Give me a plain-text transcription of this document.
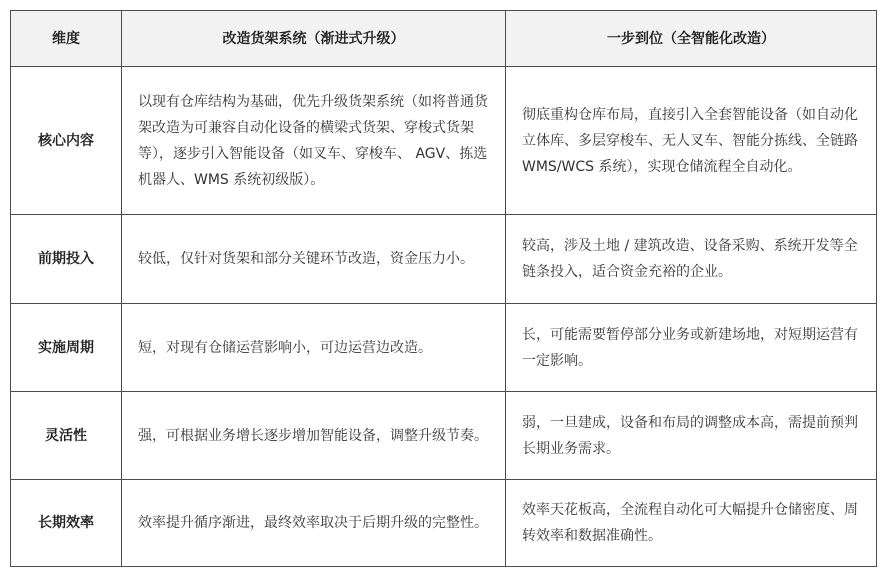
维度	改造货架系统（渐进式升级）	一步到位（全智能化改造）
核心内容	以现有仓库结构为基础，优先升级货架系统（如将普通货架改造为可兼容自动化设备的横梁式货架、穿梭式货架等），逐步引入智能设备（如叉车、穿梭车、 AGV、拣选机器人、WMS 系统初级版）。	彻底重构仓库布局，直接引入全套智能设备（如自动化立体库、多层穿梭车、无人叉车、智能分拣线、全链路 WMS/WCS 系统），实现仓储流程全自动化。
前期投入	较低，仅针对货架和部分关键环节改造，资金压力小。	较高，涉及土地 / 建筑改造、设备采购、系统开发等全链条投入，适合资金充裕的企业。
实施周期	短，对现有仓储运营影响小，可边运营边改造。	长，可能需要暂停部分业务或新建场地，对短期运营有一定影响。
灵活性	强，可根据业务增长逐步增加智能设备，调整升级节奏。	弱，一旦建成，设备和布局的调整成本高，需提前预判长期业务需求。
长期效率	效率提升循序渐进，最终效率取决于后期升级的完整性。	效率天花板高，全流程自动化可大幅提升仓储密度、周转效率和数据准确性。
